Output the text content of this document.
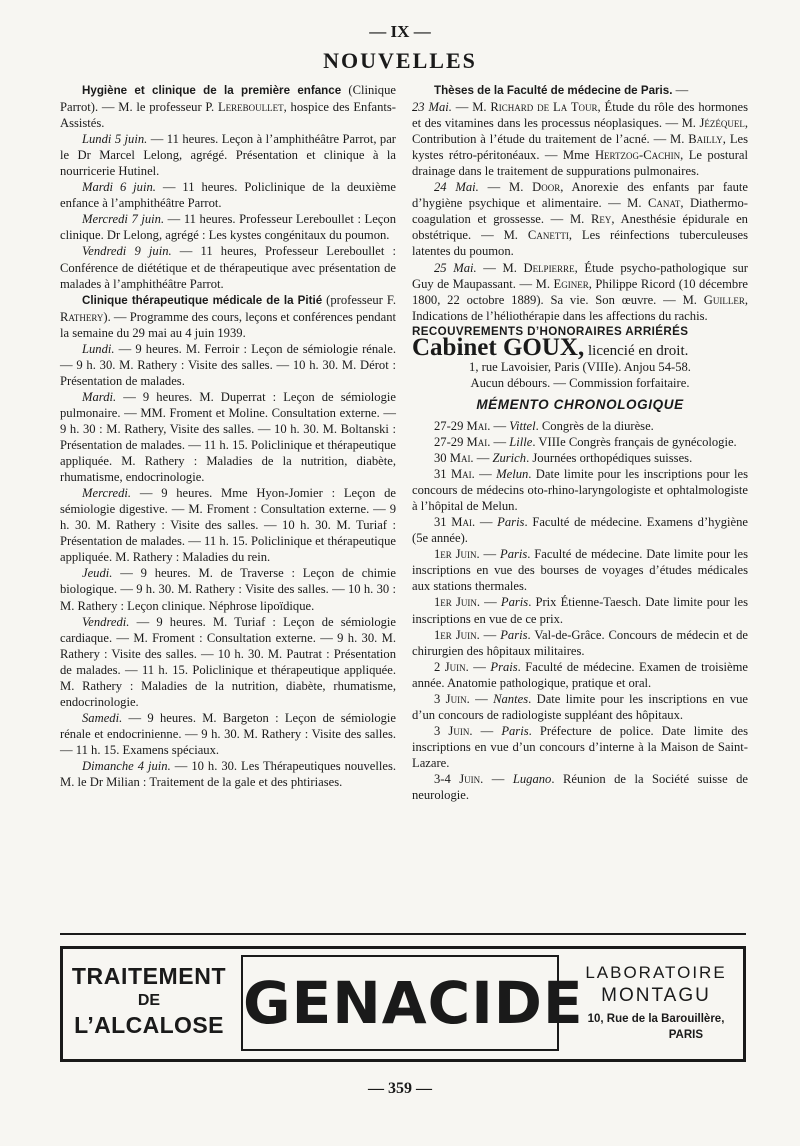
— IX —
NOUVELLES

Hygiène et clinique de la première enfance (Clinique Parrot). — M. le professeur P. Lereboullet, hospice des Enfants-Assistés.

Lundi 5 juin. — 11 heures. Leçon à l’amphithéâtre Parrot, par le Dr Marcel Lelong, agrégé. Présentation et clinique à la nourricerie Hutinel.

Mardi 6 juin. — 11 heures. Policlinique de la deuxième enfance à l’amphithéâtre Parrot.

Mercredi 7 juin. — 11 heures. Professeur Lereboullet : Leçon clinique. Dr Lelong, agrégé : Les kystes congénitaux du poumon.

Vendredi 9 juin. — 11 heures, Professeur Lereboullet : Conférence de diététique et de thérapeutique avec présentation de malades à l’amphithéâtre Parrot.

Clinique thérapeutique médicale de la Pitié (professeur F. Rathery). — Programme des cours, leçons et conférences pendant la semaine du 29 mai au 4 juin 1939.

Lundi. — 9 heures. M. Ferroir : Leçon de sémiologie rénale. — 9 h. 30. M. Rathery : Visite des salles. — 10 h. 30. M. Dérot : Présentation de malades.

Mardi. — 9 heures. M. Duperrat : Leçon de sémiologie pulmonaire. — MM. Froment et Moline. Consultation externe. — 9 h. 30 : M. Rathery, Visite des salles. — 10 h. 30. M. Boltanski : Présentation de malades. — 11 h. 15. Policlinique et thérapeutique appliquée. M. Rathery : Maladies de la nutrition, diabète, rhumatisme, endocrinologie.

Mercredi. — 9 heures. Mme Hyon-Jomier : Leçon de sémiologie digestive. — M. Froment : Consultation externe. — 9 h. 30. M. Rathery : Visite des salles. — 10 h. 30. M. Turiaf : Présentation de malades. — 11 h. 15. Policlinique et thérapeutique appliquée. M. Rathery : Maladies du rein.

Jeudi. — 9 heures. M. de Traverse : Leçon de chimie biologique. — 9 h. 30. M. Rathery : Visite des salles. — 10 h. 30 : M. Rathery : Leçon clinique. Néphrose lipoïdique.

Vendredi. — 9 heures. M. Turiaf : Leçon de sémiologie cardiaque. — M. Froment : Consultation externe. — 9 h. 30. M. Rathery : Visite des salles. — 10 h. 30. M. Pautrat : Présentation de malades. — 11 h. 15. Policlinique et thérapeutique appliquée. M. Rathery : Maladies de la nutrition, diabète, rhumatisme, endocrinologie.

Samedi. — 9 heures. M. Bargeton : Leçon de sémiologie rénale et endocrinienne. — 9 h. 30. M. Rathery : Visite des salles. — 11 h. 15. Examens spéciaux.

Dimanche 4 juin. — 10 h. 30. Les Thérapeutiques nouvelles. M. le Dr Milian : Traitement de la gale et des phtiriases.

Thèses de la Faculté de médecine de Paris. —

23 Mai. — M. Richard de La Tour, Étude du rôle des hormones et des vitamines dans les processus néoplasiques. — M. Jézéquel, Contribution à l’étude du traitement de l’acné. — M. Bailly, Les kystes rétro-péritonéaux. — Mme Hertzog-Cachin, Le postural drainage dans le traitement de suppurations pulmonaires.

24 Mai. — M. Door, Anorexie des enfants par faute d’hygiène psychique et alimentaire. — M. Canat, Diathermo-coagulation et grossesse. — M. Rey, Anesthésie épidurale en obstétrique. — M. Canetti, Les réinfections tuberculeuses latentes du poumon.

25 Mai. — M. Delpierre, Étude psycho-pathologique sur Guy de Maupassant. — M. Eginer, Philippe Ricord (10 décembre 1800, 22 octobre 1889). Sa vie. Son œuvre. — M. Guiller, Indications de l’héliothérapie dans les affections du rachis.

RECOUVREMENTS D’HONORAIRES ARRIÉRÉS

Cabinet GOUX, licencié en droit.

1, rue Lavoisier, Paris (VIIIe). Anjou 54-58.

Aucun débours. — Commission forfaitaire.

MÉMENTO CHRONOLOGIQUE

27-29 Mai. — Vittel. Congrès de la diurèse.

27-29 Mai. — Lille. VIIIe Congrès français de gynécologie.

30 Mai. — Zurich. Journées orthopédiques suisses.

31 Mai. — Melun. Date limite pour les inscriptions pour les concours de médecins oto-rhino-laryngologiste et ophtalmologiste à l’hôpital de Melun.

31 Mai. — Paris. Faculté de médecine. Examens d’hygiène (5e année).

1er Juin. — Paris. Faculté de médecine. Date limite pour les inscriptions en vue des bourses de voyages d’études médicales aux stations thermales.

1er Juin. — Paris. Prix Étienne-Taesch. Date limite pour les inscriptions en vue de ce prix.

1er Juin. — Paris. Val-de-Grâce. Concours de médecin et de chirurgien des hôpitaux militaires.

2 Juin. — Prais. Faculté de médecine. Examen de troisième année. Anatomie pathologique, pratique et oral.

3 Juin. — Nantes. Date limite pour les inscriptions en vue d’un concours de radiologiste suppléant des hôpitaux.

3 Juin. — Paris. Préfecture de police. Date limite des inscriptions en vue d’un concours d’interne à la Maison de Saint-Lazare.

3-4 Juin. — Lugano. Réunion de la Société suisse de neurologie.

TRAITEMENT
DE
L’ALCALOSE GENACIDE LABORATOIRE
MONTAGU
10, Rue de la Barouillère,
PARIS
— 359 —
